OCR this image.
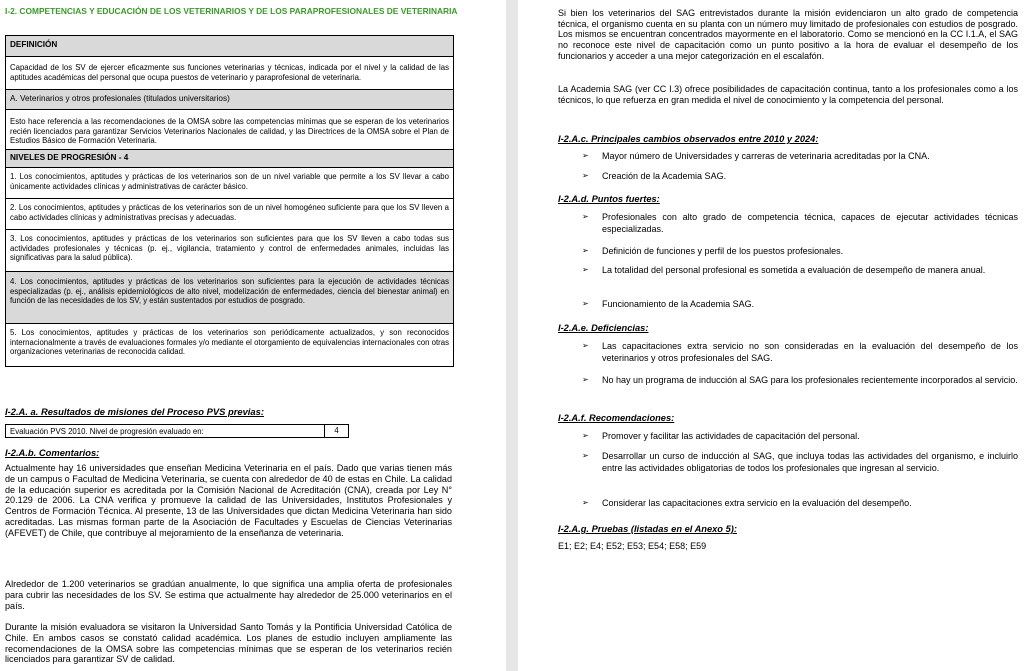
I-2. COMPETENCIAS Y EDUCACIÓN DE LOS VETERINARIOS Y DE LOS PARAPROFESIONALES DE VETERINARIA
DEFINICIÓN
Capacidad de los SV de ejercer eficazmente sus funciones veterinarias y técnicas, indicada por el nivel y la calidad de las aptitudes académicas del personal que ocupa puestos de veterinario y paraprofesional de veterinaria.
A. Veterinarios y otros profesionales (titulados universitarios)
Esto hace referencia a las recomendaciones de la OMSA sobre las competencias mínimas que se esperan de los veterinarios recién licenciados para garantizar Servicios Veterinarios Nacionales de calidad, y las Directrices de la OMSA sobre el Plan de Estudios Básico de Formación Veterinaria.
NIVELES DE PROGRESIÓN - 4
1. Los conocimientos, aptitudes y prácticas de los veterinarios son de un nivel variable que permite a los SV llevar a cabo únicamente actividades clínicas y administrativas de carácter básico.
2. Los conocimientos, aptitudes y prácticas de los veterinarios son de un nivel homogéneo suficiente para que los SV lleven a cabo actividades clínicas y administrativas precisas y adecuadas.
3. Los conocimientos, aptitudes y prácticas de los veterinarios son suficientes para que los SV lleven a cabo todas sus actividades profesionales y técnicas (p. ej., vigilancia, tratamiento y control de enfermedades animales, incluidas las significativas para la salud pública).
4. Los conocimientos, aptitudes y prácticas de los veterinarios son suficientes para la ejecución de actividades técnicas especializadas (p. ej., análisis epidemiológicos de alto nivel, modelización de enfermedades, ciencia del bienestar animal) en función de las necesidades de los SV, y están sustentados por estudios de posgrado.
5. Los conocimientos, aptitudes y prácticas de los veterinarios son periódicamente actualizados, y son reconocidos internacionalmente a través de evaluaciones formales y/o mediante el otorgamiento de equivalencias internacionales con otras organizaciones veterinarias de reconocida calidad.
I-2.A. a. Resultados de misiones del Proceso PVS previas:
Evaluación PVS 2010. Nivel de progresión evaluado en:	4
I-2.A.b. Comentarios:
Actualmente hay 16 universidades que enseñan Medicina Veterinaria en el país. Dado que varias tienen más de un campus o Facultad de Medicina Veterinaria, se cuenta con alrededor de 40 de estas en Chile. La calidad de la educación superior es acreditada por la Comisión Nacional de Acreditación (CNA), creada por Ley N° 20.129 de 2006. La CNA verifica y promueve la calidad de las Universidades, Institutos Profesionales y Centros de Formación Técnica. Al presente, 13 de las Universidades que dictan Medicina Veterinaria han sido acreditadas. Las mismas forman parte de la Asociación de Facultades y Escuelas de Ciencias Veterinarias (AFEVET) de Chile, que contribuye al mejoramiento de la enseñanza de veterinaria.
Alrededor de 1.200 veterinarios se gradúan anualmente, lo que significa una amplia oferta de profesionales para cubrir las necesidades de los SV. Se estima que actualmente hay alrededor de 25.000 veterinarios en el país.
Durante la misión evaluadora se visitaron la Universidad Santo Tomás y la Pontificia Universidad Católica de Chile. En ambos casos se constató calidad académica. Los planes de estudio incluyen ampliamente las recomendaciones de la OMSA sobre las competencias mínimas que se esperan de los veterinarios recién licenciados para garantizar SV de calidad.
Si bien los veterinarios del SAG entrevistados durante la misión evidenciaron un alto grado de competencia técnica, el organismo cuenta en su planta con un número muy limitado de profesionales con estudios de posgrado. Los mismos se encuentran concentrados mayormente en el laboratorio. Como se mencionó en la CC I.1.A, el SAG no reconoce este nivel de capacitación como un punto positivo a la hora de evaluar el desempeño de los funcionarios y acceder a una mejor categorización en el escalafón.
La Academia SAG (ver CC I.3) ofrece posibilidades de capacitación continua, tanto a los profesionales como a los técnicos, lo que refuerza en gran medida el nivel de conocimiento y la competencia del personal.
I-2.A.c. Principales cambios observados entre 2010 y 2024:
➢ Mayor número de Universidades y carreras de veterinaria acreditadas por la CNA.
➢ Creación de la Academia SAG.
I-2.A.d. Puntos fuertes:
➢ Profesionales con alto grado de competencia técnica, capaces de ejecutar actividades técnicas especializadas.
➢ Definición de funciones y perfil de los puestos profesionales.
➢ La totalidad del personal profesional es sometida a evaluación de desempeño de manera anual.
➢ Funcionamiento de la Academia SAG.
I-2.A.e. Deficiencias:
➢ Las capacitaciones extra servicio no son consideradas en la evaluación del desempeño de los veterinarios y otros profesionales del SAG.
➢ No hay un programa de inducción al SAG para los profesionales recientemente incorporados al servicio.
I-2.A.f. Recomendaciones:
➢ Promover y facilitar las actividades de capacitación del personal.
➢ Desarrollar un curso de inducción al SAG, que incluya todas las actividades del organismo, e incluirlo entre las actividades obligatorias de todos los profesionales que ingresan al servicio.
➢ Considerar las capacitaciones extra servicio en la evaluación del desempeño.
I-2.A.g. Pruebas (listadas en el Anexo 5):
E1; E2; E4; E52; E53; E54; E58; E59
